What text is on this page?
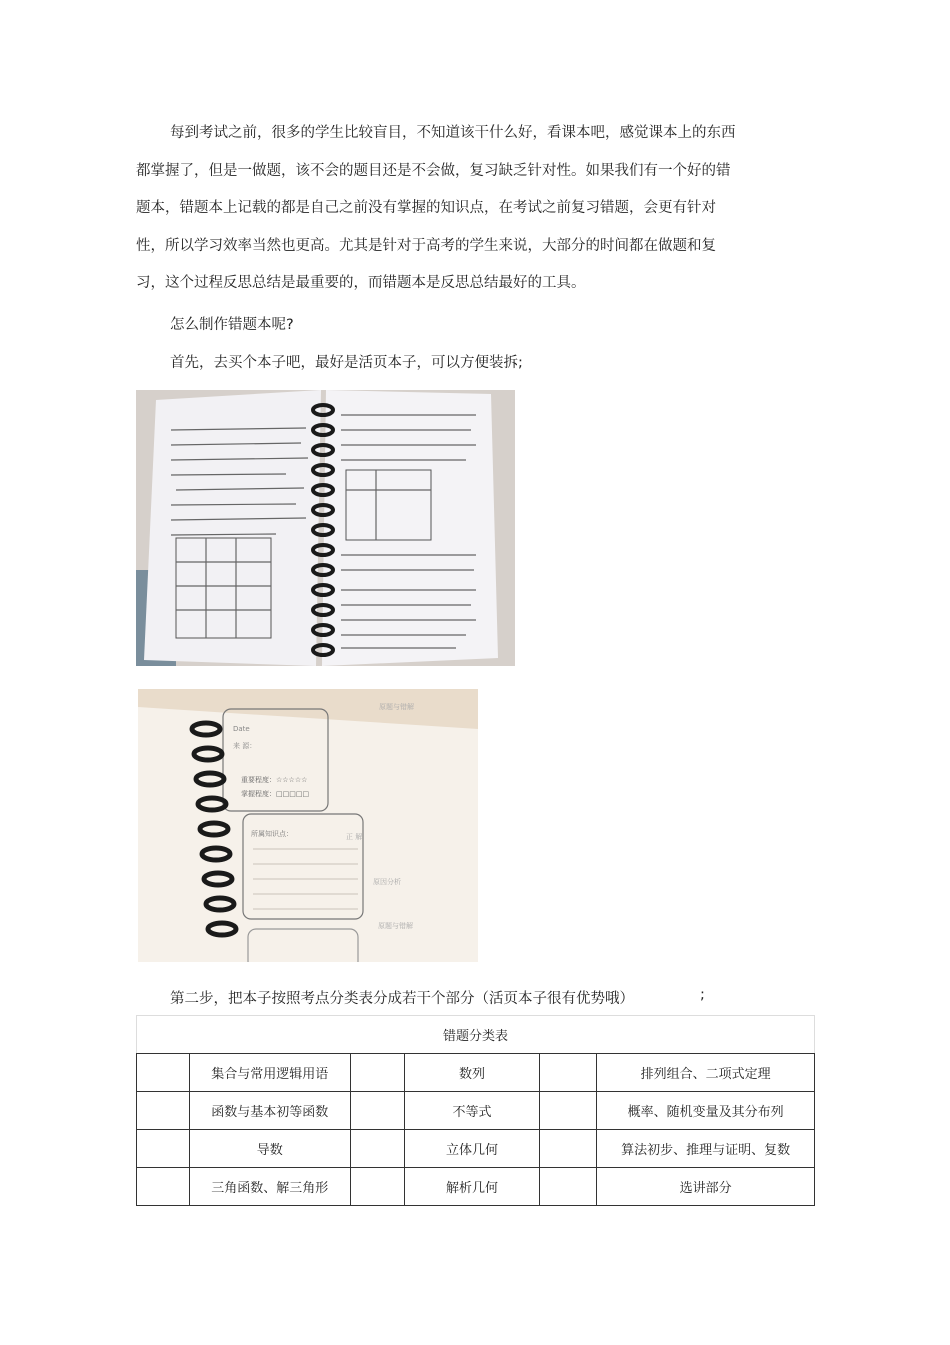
每到考试之前，很多的学生比较盲目，不知道该干什么好，看课本吧，感觉课本上的东西都掌握了，但是一做题，该不会的题目还是不会做，复习缺乏针对性。如果我们有一个好的错题本，错题本上记载的都是自己之前没有掌握的知识点，在考试之前复习错题，会更有针对性，所以学习效率当然也更高。尤其是针对于高考的学生来说，大部分的时间都在做题和复习，这个过程反思总结是最重要的，而错题本是反思总结最好的工具。

怎么制作错题本呢?

首先，去买个本子吧，最好是活页本子，可以方便装拆;

Date
来 源：
重要程度：☆☆☆☆☆
掌握程度：□□□□□
所属知识点：
原题与错解
正 解
原因分析
原题与错解

第二步，把本子按照考点分类表分成若干个部分（活页本子很有优势哦）	;

错题分类表					
	集合与常用逻辑用语		数列		排列组合、二项式定理
	函数与基本初等函数		不等式		概率、随机变量及其分布列
	导数		立体几何		算法初步、推理与证明、复数
	三角函数、解三角形		解析几何		选讲部分
